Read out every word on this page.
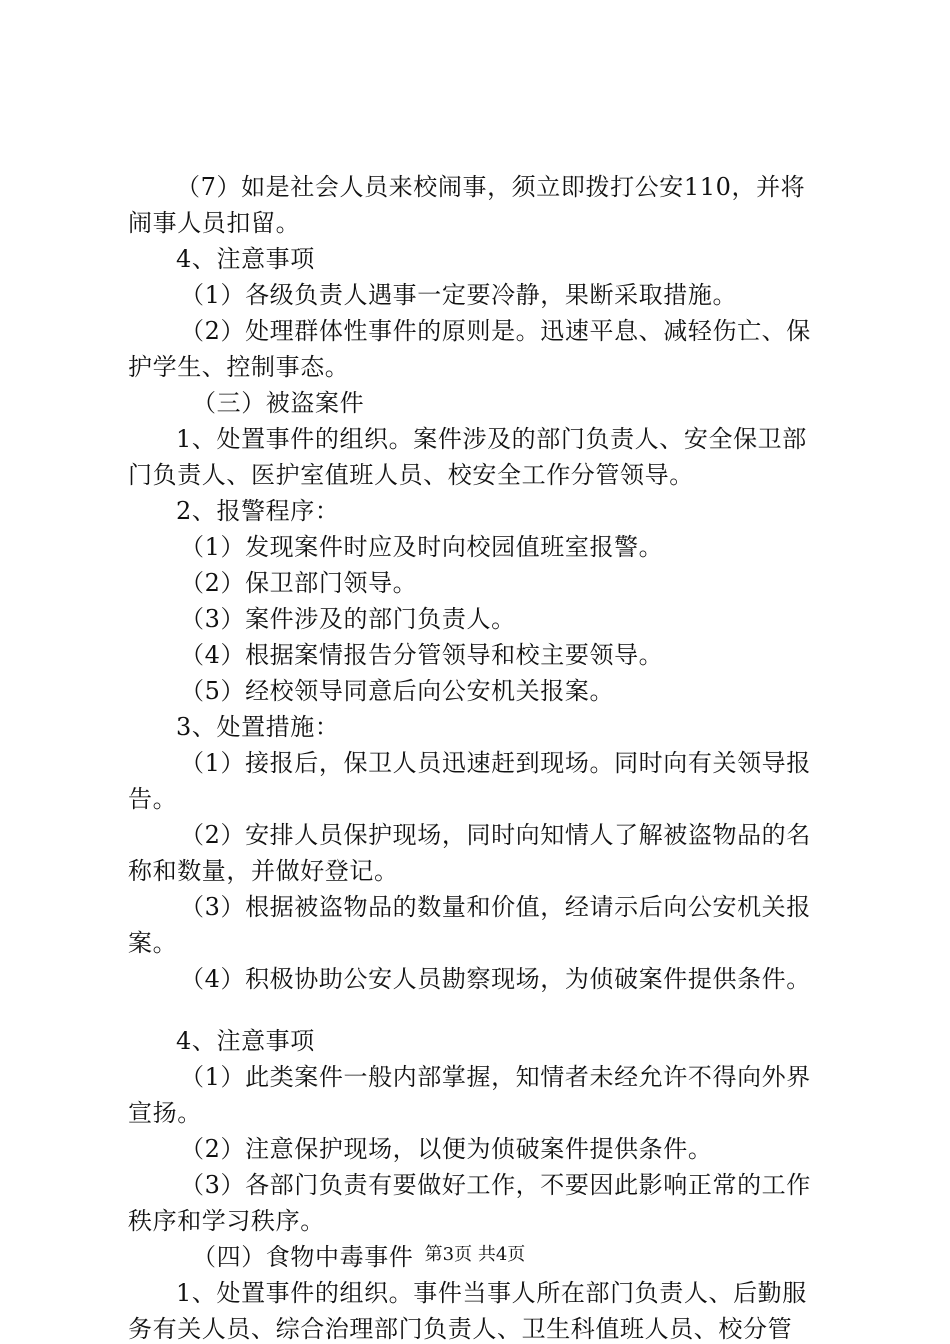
（7）如是社会人员来校闹事，须立即拨打公安110，并将
闹事人员扣留。
4、注意事项
（1）各级负责人遇事一定要冷静，果断采取措施。
（2）处理群体性事件的原则是。迅速平息、减轻伤亡、保
护学生、控制事态。
（三）被盗案件
1、处置事件的组织。案件涉及的部门负责人、安全保卫部
门负责人、医护室值班人员、校安全工作分管领导。
2、报警程序：
（1）发现案件时应及时向校园值班室报警。
（2）保卫部门领导。
（3）案件涉及的部门负责人。
（4）根据案情报告分管领导和校主要领导。
（5）经校领导同意后向公安机关报案。
3、处置措施：
（1）接报后，保卫人员迅速赶到现场。同时向有关领导报
告。
（2）安排人员保护现场，同时向知情人了解被盗物品的名
称和数量，并做好登记。
（3）根据被盗物品的数量和价值，经请示后向公安机关报
案。
（4）积极协助公安人员勘察现场，为侦破案件提供条件。
4、注意事项
（1）此类案件一般内部掌握，知情者未经允许不得向外界
宣扬。
（2）注意保护现场，以便为侦破案件提供条件。
（3）各部门负责有要做好工作，不要因此影响正常的工作
秩序和学习秩序。
（四）食物中毒事件
1、处置事件的组织。事件当事人所在部门负责人、后勤服
务有关人员、综合治理部门负责人、卫生科值班人员、校分管
第3页 共4页
